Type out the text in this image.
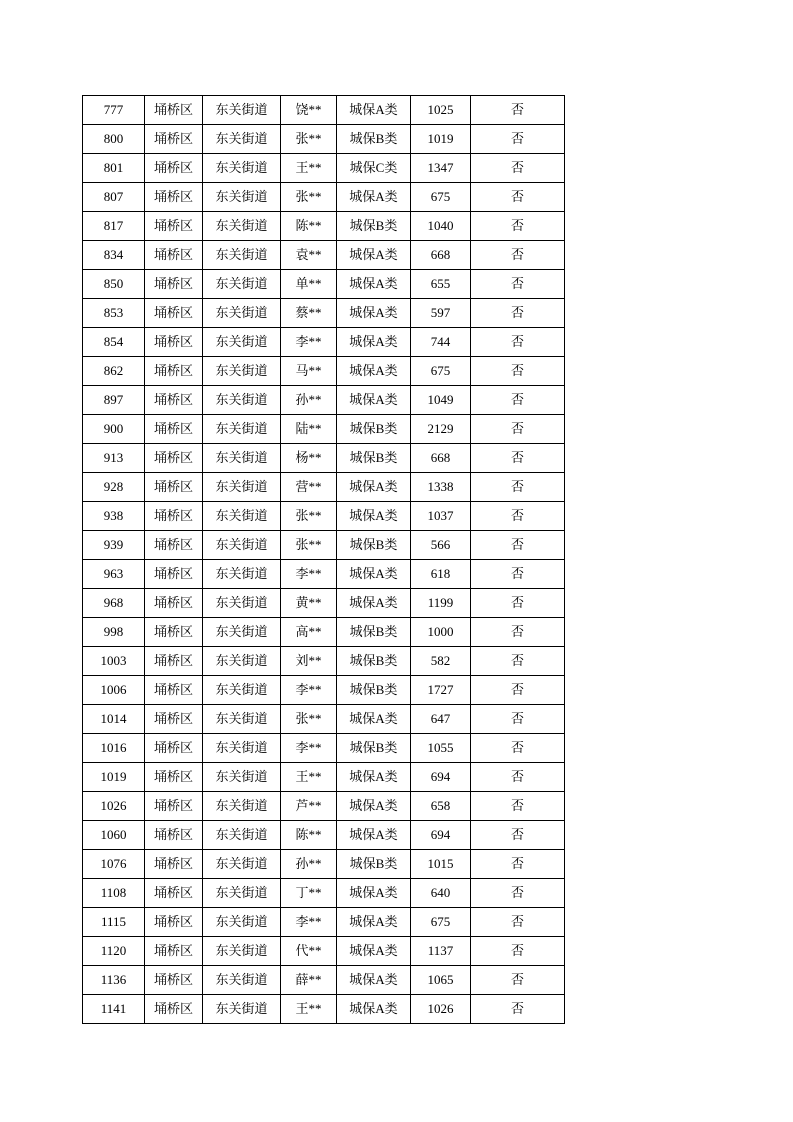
777	埇桥区	东关街道	饶**	城保A类	1025	否
800	埇桥区	东关街道	张**	城保B类	1019	否
801	埇桥区	东关街道	王**	城保C类	1347	否
807	埇桥区	东关街道	张**	城保A类	675	否
817	埇桥区	东关街道	陈**	城保B类	1040	否
834	埇桥区	东关街道	袁**	城保A类	668	否
850	埇桥区	东关街道	单**	城保A类	655	否
853	埇桥区	东关街道	蔡**	城保A类	597	否
854	埇桥区	东关街道	李**	城保A类	744	否
862	埇桥区	东关街道	马**	城保A类	675	否
897	埇桥区	东关街道	孙**	城保A类	1049	否
900	埇桥区	东关街道	陆**	城保B类	2129	否
913	埇桥区	东关街道	杨**	城保B类	668	否
928	埇桥区	东关街道	营**	城保A类	1338	否
938	埇桥区	东关街道	张**	城保A类	1037	否
939	埇桥区	东关街道	张**	城保B类	566	否
963	埇桥区	东关街道	李**	城保A类	618	否
968	埇桥区	东关街道	黄**	城保A类	1199	否
998	埇桥区	东关街道	高**	城保B类	1000	否
1003	埇桥区	东关街道	刘**	城保B类	582	否
1006	埇桥区	东关街道	李**	城保B类	1727	否
1014	埇桥区	东关街道	张**	城保A类	647	否
1016	埇桥区	东关街道	李**	城保B类	1055	否
1019	埇桥区	东关街道	王**	城保A类	694	否
1026	埇桥区	东关街道	芦**	城保A类	658	否
1060	埇桥区	东关街道	陈**	城保A类	694	否
1076	埇桥区	东关街道	孙**	城保B类	1015	否
1108	埇桥区	东关街道	丁**	城保A类	640	否
1115	埇桥区	东关街道	李**	城保A类	675	否
1120	埇桥区	东关街道	代**	城保A类	1137	否
1136	埇桥区	东关街道	薛**	城保A类	1065	否
1141	埇桥区	东关街道	王**	城保A类	1026	否
